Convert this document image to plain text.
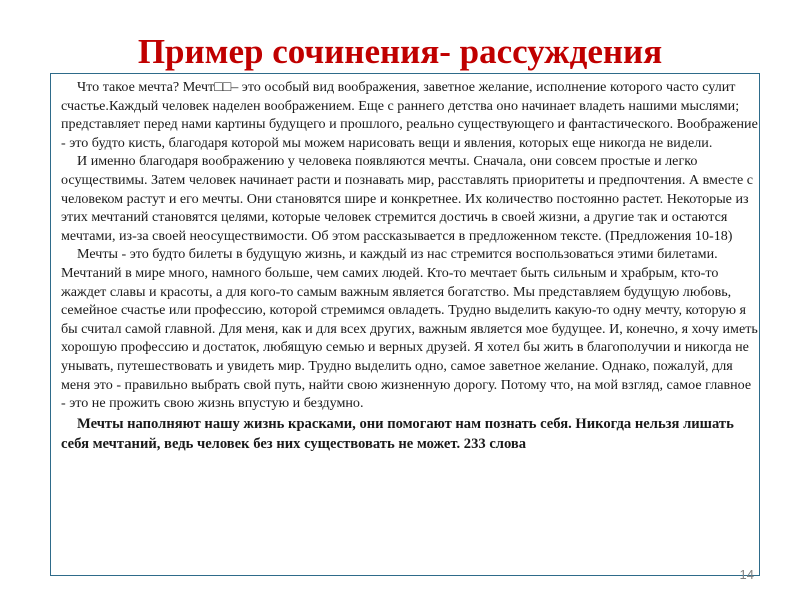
Пример сочинения- рассуждения

Что такое мечта? Мечт□□– это особый вид воображения, заветное желание, исполнение которого часто сулит счастье.Каждый человек наделен воображением. Еще с раннего детства оно начинает владеть нашими мыслями; представляет перед нами картины будущего и прошлого, реально существующего и фантастического. Воображение - это будто кисть, благодаря которой мы можем нарисовать вещи и явления, которых еще никогда не видели.

И именно благодаря воображению у человека появляются мечты. Сначала, они совсем простые и легко осуществимы. Затем человек начинает расти и познавать мир, расставлять приоритеты и предпочтения. А вместе с человеком растут и его мечты. Они становятся шире и конкретнее. Их количество постоянно растет. Некоторые из этих мечтаний становятся целями, которые человек стремится достичь в своей жизни, а другие так и остаются мечтами, из-за своей неосуществимости. Об этом рассказывается в предложенном тексте. (Предложения 10-18)

Мечты - это будто билеты в будущую жизнь, и каждый из нас стремится воспользоваться этими билетами. Мечтаний в мире много, намного больше, чем самих людей. Кто-то мечтает быть сильным и храбрым, кто-то жаждет славы и красоты, а для кого-то самым важным является богатство. Мы представляем будущую любовь, семейное счастье или профессию, которой стремимся овладеть. Трудно выделить какую-то одну мечту, которую я бы считал самой главной. Для меня, как и для всех других, важным является мое будущее. И, конечно, я хочу иметь хорошую профессию и достаток, любящую семью и верных друзей. Я хотел бы жить в благополучии и никогда не унывать, путешествовать и увидеть мир. Трудно выделить одно, самое заветное желание. Однако, пожалуй, для меня это - правильно выбрать свой путь, найти свою жизненную дорогу. Потому что, на мой взгляд, самое главное - это не прожить свою жизнь впустую и бездумно.

Мечты наполняют нашу жизнь красками, они помогают нам познать себя. Никогда нельзя лишать себя мечтаний, ведь человек без них существовать не может. 233 слова

14
